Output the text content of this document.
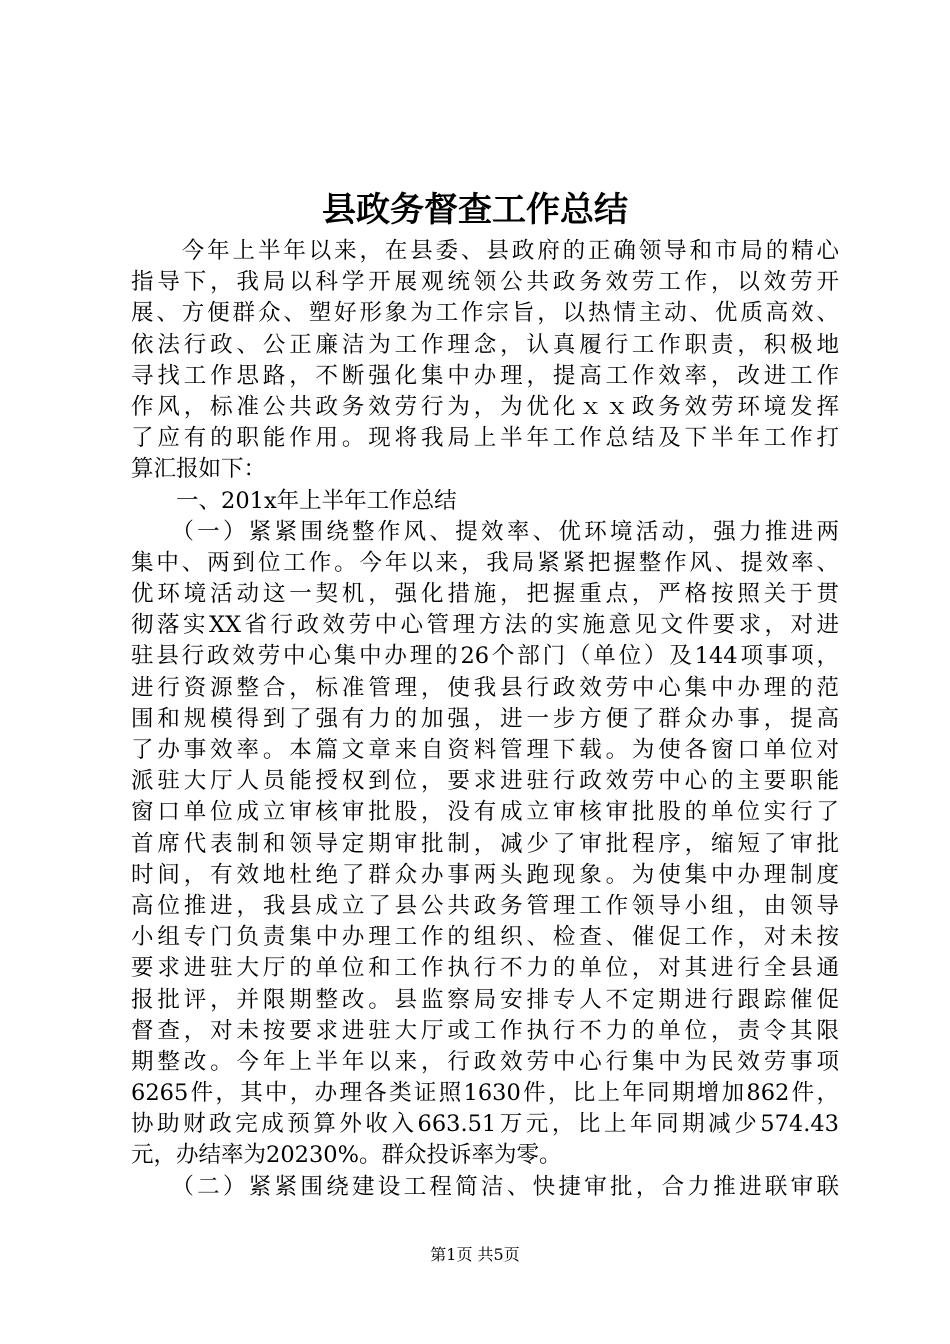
县政务督查工作总结
　　今年上半年以来，在县委、县政府的正确领导和市局的精心
指导下，我局以科学开展观统领公共政务效劳工作，以效劳开
展、方便群众、塑好形象为工作宗旨，以热情主动、优质高效、
依法行政、公正廉洁为工作理念，认真履行工作职责，积极地
寻找工作思路，不断强化集中办理，提高工作效率，改进工作
作风，标准公共政务效劳行为，为优化ｘｘ政务效劳环境发挥
了应有的职能作用。现将我局上半年工作总结及下半年工作打
算汇报如下：
　　一、201x年上半年工作总结
　　（一）紧紧围绕整作风、提效率、优环境活动，强力推进两
集中、两到位工作。今年以来，我局紧紧把握整作风、提效率、
优环境活动这一契机，强化措施，把握重点，严格按照关于贯
彻落实XX省行政效劳中心管理方法的实施意见文件要求，对进
驻县行政效劳中心集中办理的26个部门（单位）及144项事项，
进行资源整合，标准管理，使我县行政效劳中心集中办理的范
围和规模得到了强有力的加强，进一步方便了群众办事，提高
了办事效率。本篇文章来自资料管理下载。为使各窗口单位对
派驻大厅人员能授权到位，要求进驻行政效劳中心的主要职能
窗口单位成立审核审批股，没有成立审核审批股的单位实行了
首席代表制和领导定期审批制，减少了审批程序，缩短了审批
时间，有效地杜绝了群众办事两头跑现象。为使集中办理制度
高位推进，我县成立了县公共政务管理工作领导小组，由领导
小组专门负责集中办理工作的组织、检查、催促工作，对未按
要求进驻大厅的单位和工作执行不力的单位，对其进行全县通
报批评，并限期整改。县监察局安排专人不定期进行跟踪催促
督查，对未按要求进驻大厅或工作执行不力的单位，责令其限
期整改。今年上半年以来，行政效劳中心行集中为民效劳事项
6265件，其中，办理各类证照1630件，比上年同期增加862件，
协助财政完成预算外收入663.51万元，比上年同期减少574.43
元，办结率为20230%。群众投诉率为零。
　　（二）紧紧围绕建设工程简洁、快捷审批，合力推进联审联
第1页 共5页
